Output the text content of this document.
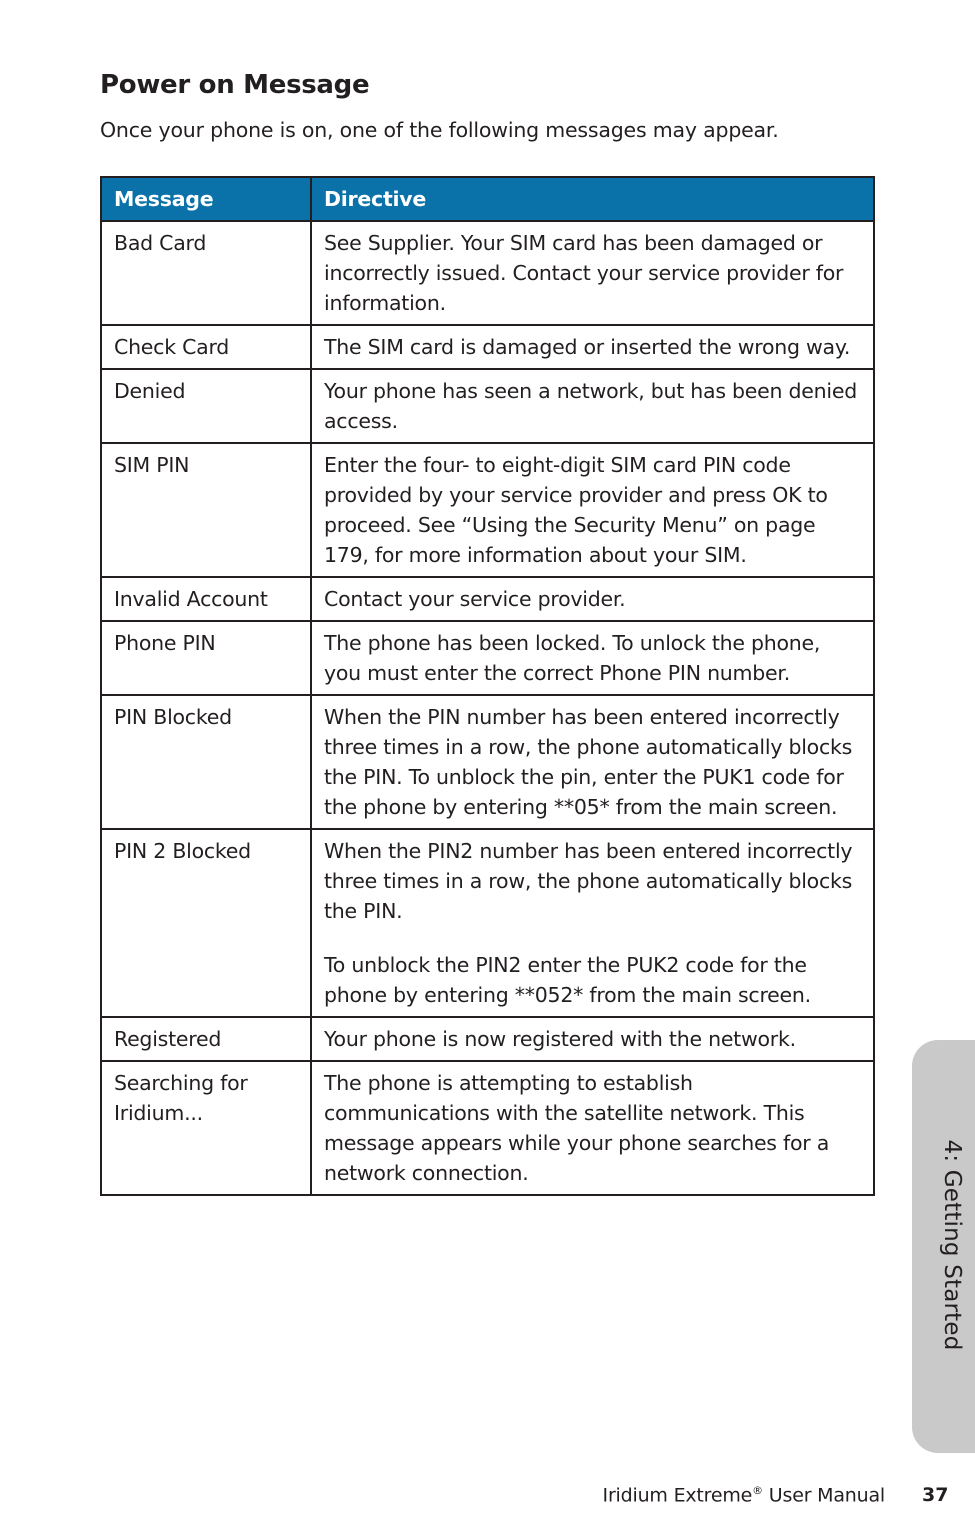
Power on Message

Once your phone is on, one of the following messages may appear.

Message	Directive
Bad Card	See Supplier. Your SIM card has been damaged or incorrectly issued. Contact your service provider for information.
Check Card	The SIM card is damaged or inserted the wrong way.
Denied	Your phone has seen a network, but has been denied access.
SIM PIN	Enter the four- to eight-digit SIM card PIN code provided by your service provider and press OK to proceed. See “Using the Security Menu” on page 179, for more information about your SIM.
Invalid Account	Contact your service provider.
Phone PIN	The phone has been locked. To unlock the phone, you must enter the correct Phone PIN number.
PIN Blocked	When the PIN number has been entered incorrectly three times in a row, the phone automatically blocks the PIN. To unblock the pin, enter the PUK1 code for the phone by entering **05* from the main screen.
PIN 2 Blocked	When the PIN2 number has been entered incorrectly three times in a row, the phone automatically blocks the PIN.
To unblock the PIN2 enter the PUK2 code for the phone by entering **052* from the main screen.

Registered	Your phone is now registered with the network.
Searching for Iridium...	The phone is attempting to establish communications with the satellite network. This message appears while your phone searches for a network connection.	4: Getting Started
Iridium Extreme® User Manual 37
